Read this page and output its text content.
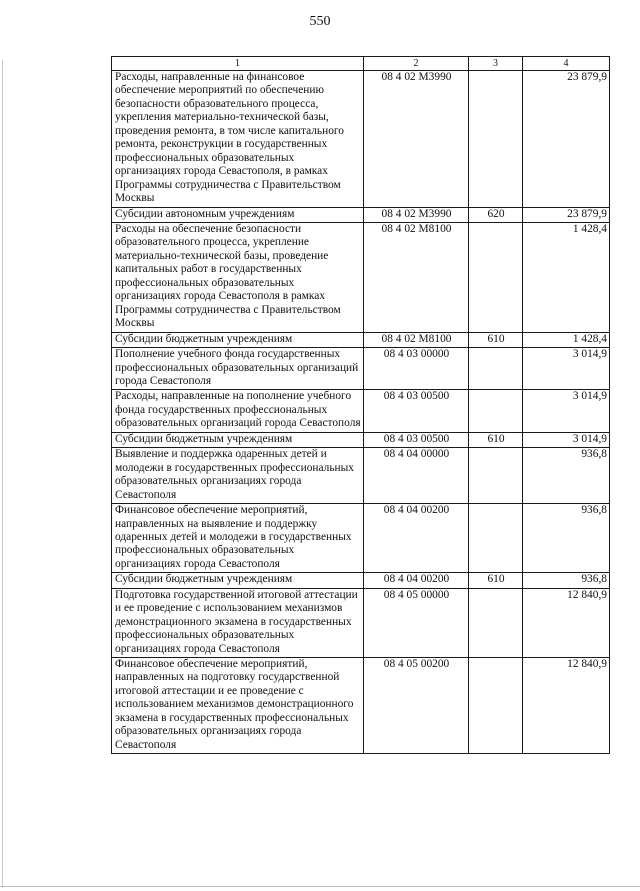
550
1	2	3	4
Расходы, направленные на финансовое обеспечение мероприятий по обеспечению безопасности образовательного процесса, укрепления материально-технической базы, проведения ремонта, в том числе капитального ремонта, реконструкции в государственных профессиональных образовательных организациях города Севастополя, в рамках Программы сотрудничества с Правительством Москвы	08 4 02 М3990		23 879,9
Субсидии автономным учреждениям	08 4 02 М3990	620	23 879,9
Расходы на обеспечение безопасности образовательного процесса, укрепление материально-технической базы, проведение капитальных работ в государственных профессиональных образовательных организациях города Севастополя в рамках Программы сотрудничества с Правительством Москвы	08 4 02 М8100		1 428,4
Субсидии бюджетным учреждениям	08 4 02 М8100	610	1 428,4
Пополнение учебного фонда государственных профессиональных образовательных организаций города Севастополя	08 4 03 00000		3 014,9
Расходы, направленные на пополнение учебного фонда государственных профессиональных образовательных организаций города Севастополя	08 4 03 00500		3 014,9
Субсидии бюджетным учреждениям	08 4 03 00500	610	3 014,9
Выявление и поддержка одаренных детей и молодежи в государственных профессиональных образовательных организациях города Севастополя	08 4 04 00000		936,8
Финансовое обеспечение мероприятий, направленных на выявление и поддержку одаренных детей и молодежи в государственных профессиональных образовательных организациях города Севастополя	08 4 04 00200		936,8
Субсидии бюджетным учреждениям	08 4 04 00200	610	936,8
Подготовка государственной итоговой аттестации и ее проведение с использованием механизмов демонстрационного экзамена в государственных профессиональных образовательных организациях города Севастополя	08 4 05 00000		12 840,9
Финансовое обеспечение мероприятий, направленных на подготовку государственной итоговой аттестации и ее проведение с использованием механизмов демонстрационного экзамена в государственных профессиональных образовательных организациях города Севастополя	08 4 05 00200		12 840,9
